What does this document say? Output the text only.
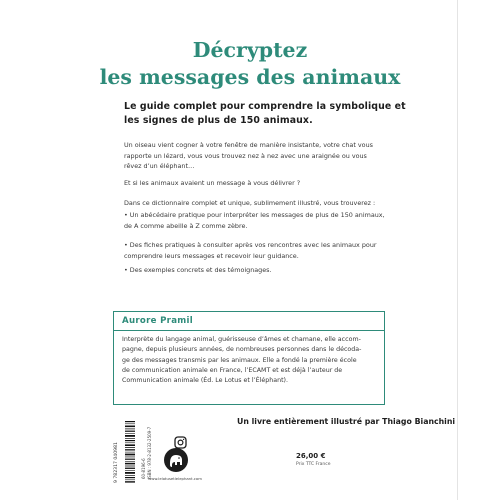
Décryptez
les messages des animaux
Le guide complet pour comprendre la symbolique et
les signes de plus de 150 animaux.
Un oiseau vient cogner à votre fenêtre de manière insistante, votre chat vous
rapporte un lézard, vous vous trouvez nez à nez avec une araignée ou vous
rêvez d’un éléphant…
Et si les animaux avaient un message à vous délivrer ?
Dans ce dictionnaire complet et unique, sublimement illustré, vous trouverez :
• Un abécédaire pratique pour interpréter les messages de plus de 150 animaux,
de A comme abeille à Z comme zèbre.
• Des fiches pratiques à consulter après vos rencontres avec les animaux pour
comprendre leurs messages et recevoir leur guidance.
• Des exemples concrets et des témoignages.
Aurore Pramil
Interprète du langage animal, guérisseuse d’âmes et chamane, elle accom-
pagne, depuis plusieurs années, de nombreuses personnes dans le décoda-
ge des messages transmis par les animaux. Elle a fondé la première école
de communication animale en France, l’ECAMT et est déjà l’auteur de
Communication animale (Éd. Le Lotus et l’Éléphant).
Un livre entièrement illustré par Thiago Bianchini
9 782317 040981	60-8196-6 ISBN : 978-2-8132-2509-7
www.lelotusetlelephant.com
26,00 €
Prix TTC France
